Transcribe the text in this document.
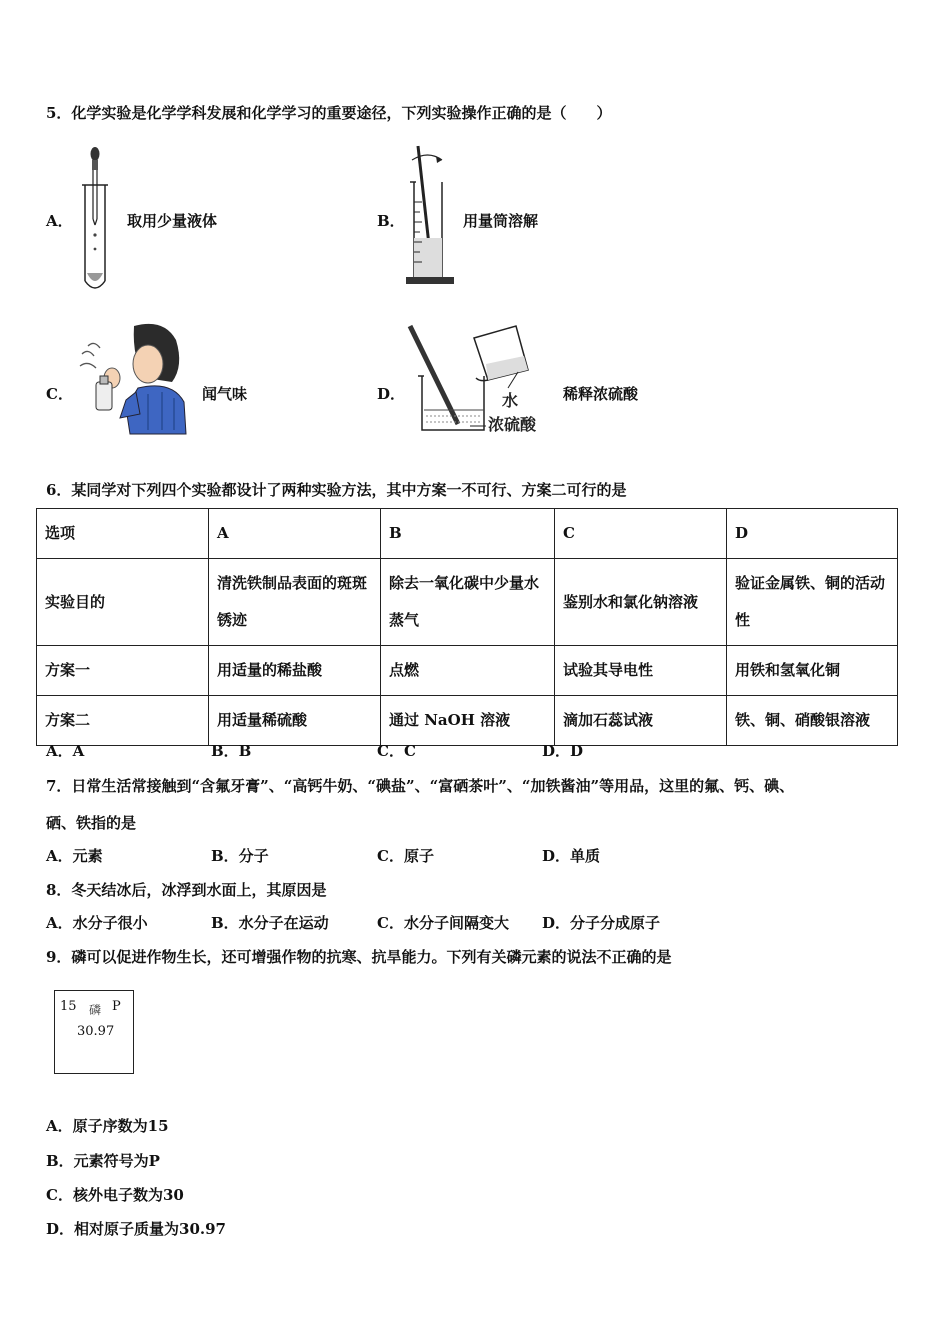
5．化学实验是化学学科发展和化学学习的重要途径，下列实验操作正确的是（　　）
A．	取用少量液体	B．	用量筒溶解
C．	闻气味	D．	水
浓硫酸
稀释浓硫酸
6．某同学对下列四个实验都设计了两种实验方法，其中方案一不可行、方案二可行的是
选项	A	B	C	D
实验目的	清洗铁制品表面的斑斑锈迹	除去一氧化碳中少量水蒸气	鉴别水和氯化钠溶液	验证金属铁、铜的活动性
方案一	用适量的稀盐酸	点燃	试验其导电性	用铁和氢氧化铜
方案二	用适量稀硫酸	通过 NaOH 溶液	滴加石蕊试液	铁、铜、硝酸银溶液
A．A	B．B	C．C	D．D
7．日常生活常接触到“含氟牙膏”、“高钙牛奶、“碘盐”、“富硒茶叶”、“加铁酱油”等用品，这里的氟、钙、碘、
硒、铁指的是
A．元素	B．分子	C．原子	D．单质
8．冬天结冰后，冰浮到水面上，其原因是
A．水分子很小	B．水分子在运动	C．水分子间隔变大 D．分子分成原子
9．磷可以促进作物生长，还可增强作物的抗寒、抗旱能力。下列有关磷元素的说法不正确的是
15 磷 P
30.97
A．原子序数为15
B．元素符号为P
C．核外电子数为30
D．相对原子质量为30.97
